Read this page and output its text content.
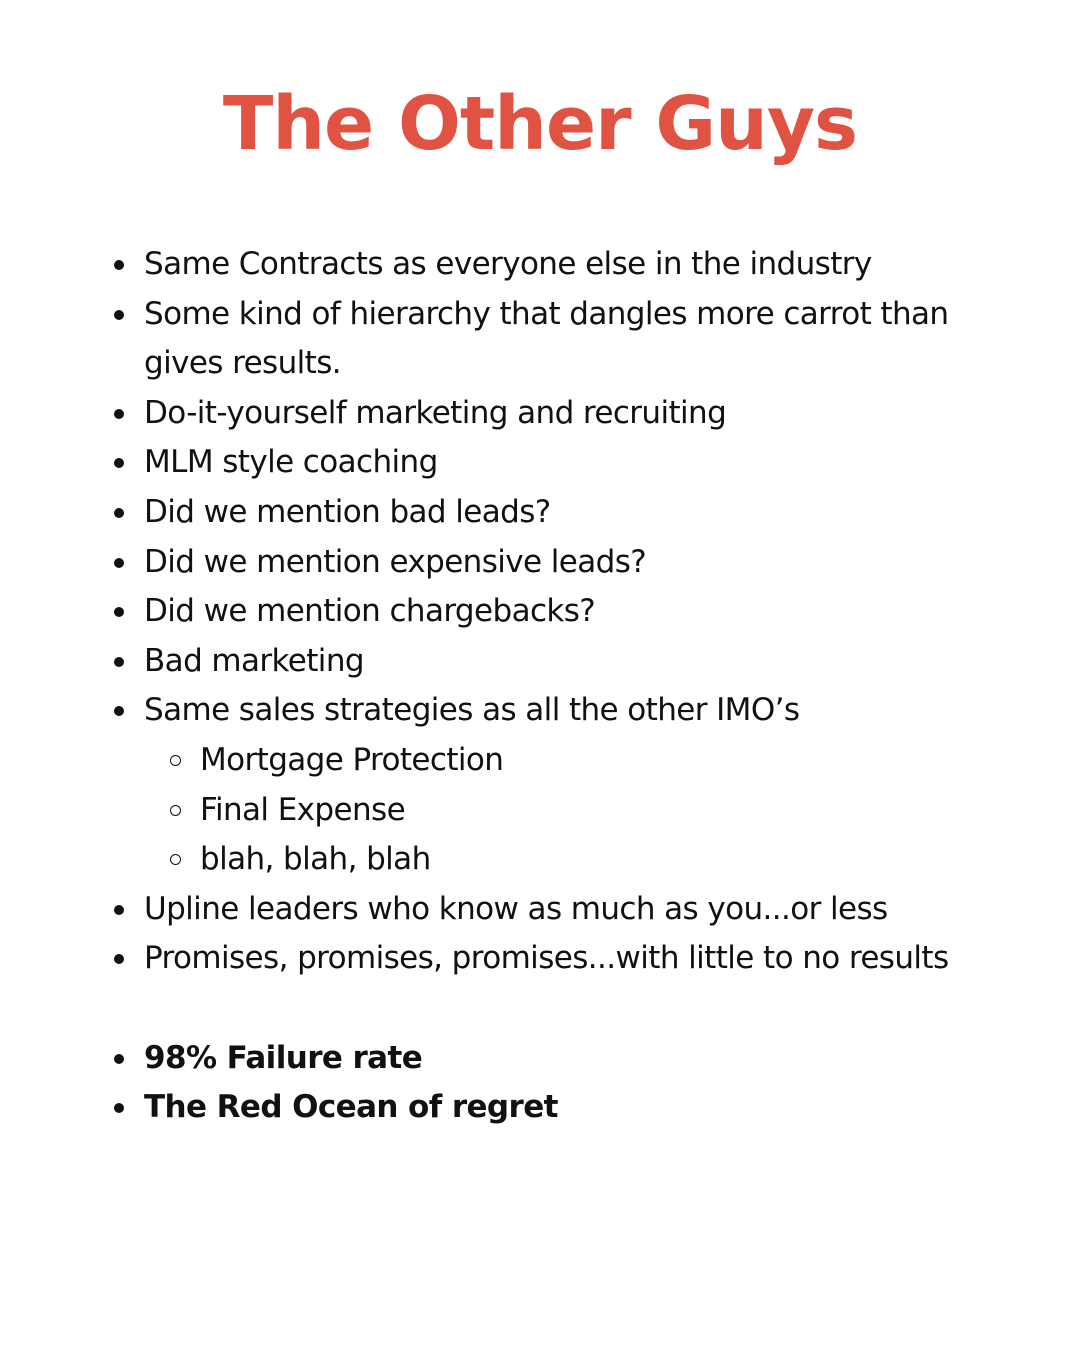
The Other Guys
Same Contracts as everyone else in the industry
Some kind of hierarchy that dangles more carrot than
gives results.
Do-it-yourself marketing and recruiting
MLM style coaching
Did we mention bad leads?
Did we mention expensive leads?
Did we mention chargebacks?
Bad marketing
Same sales strategies as all the other IMO’s
Mortgage Protection
Final Expense
blah, blah, blah
Upline leaders who know as much as you...or less
Promises, promises, promises...with little to no results
98% Failure rate
The Red Ocean of regret
